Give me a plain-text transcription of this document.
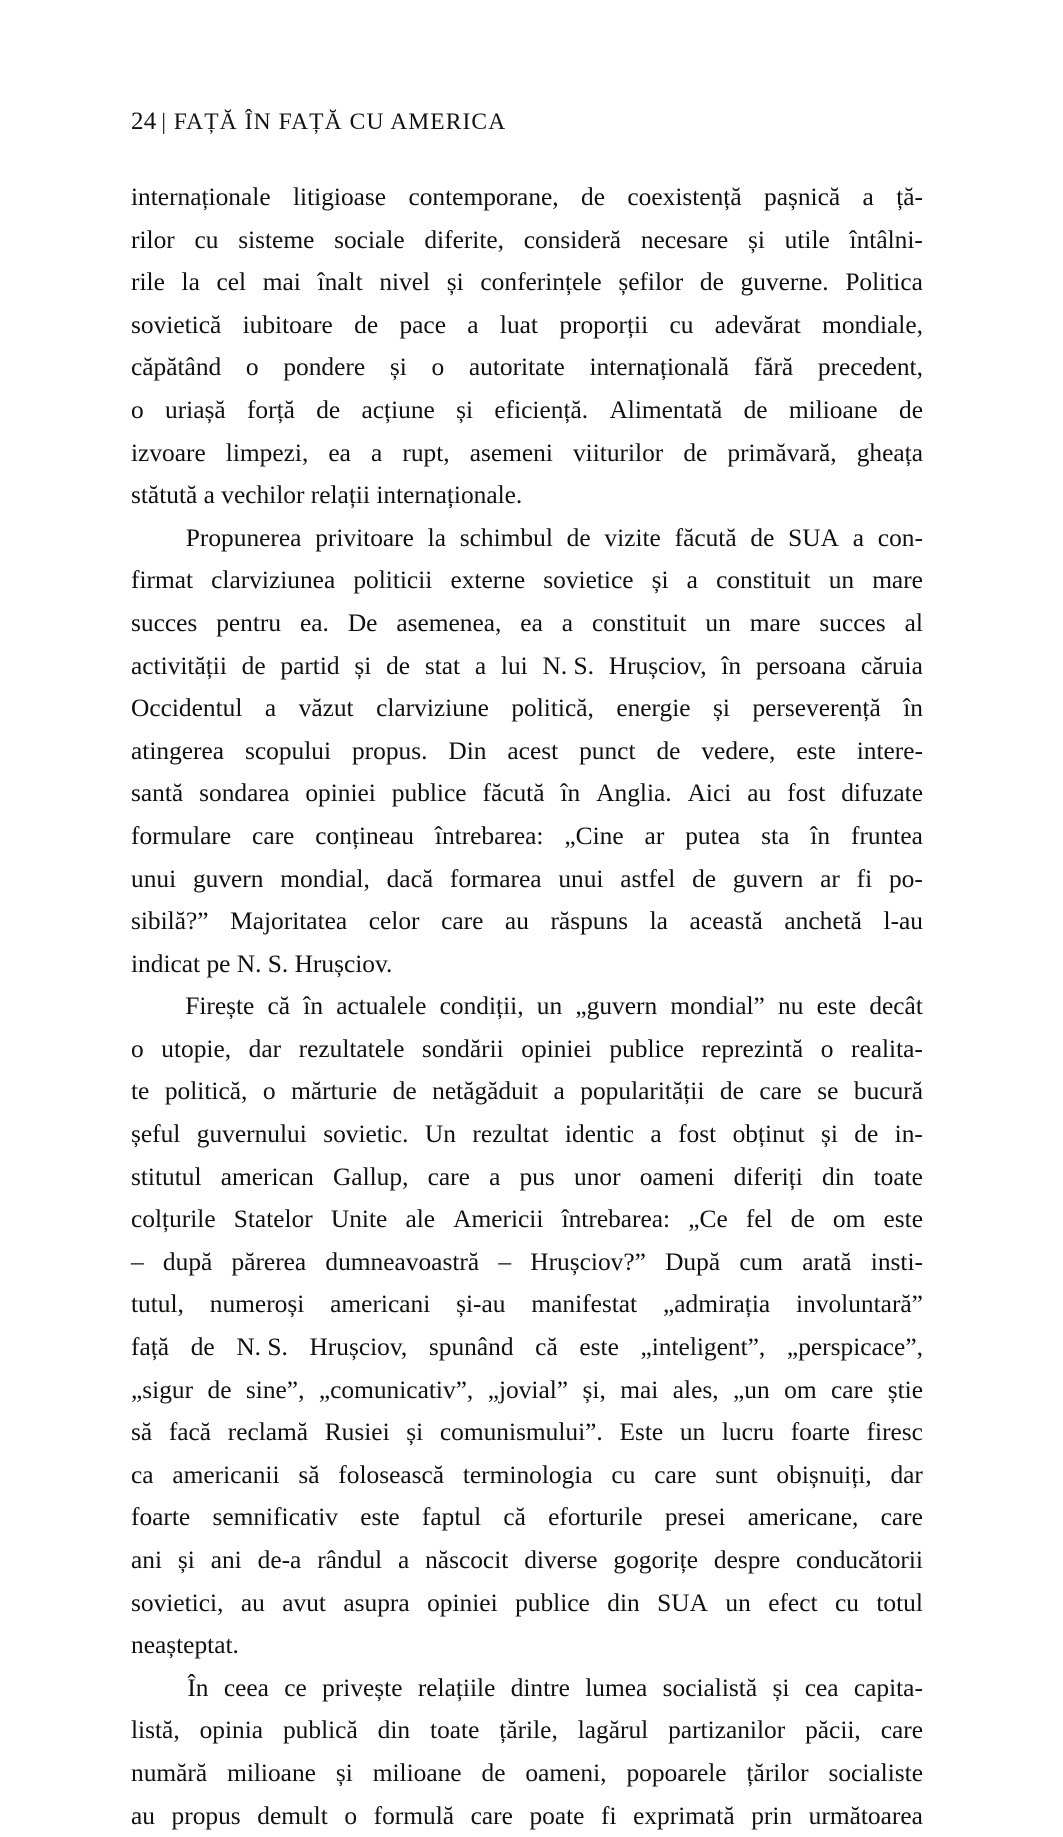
24 | FAȚĂ ÎN FAȚĂ CU AMERICA

internaționale litigioase contemporane, de coexistență pașnică a ță-
rilor cu sisteme sociale diferite, consideră necesare și utile întâlni-
rile la cel mai înalt nivel și conferințele șefilor de guverne. Politica
sovietică iubitoare de pace a luat proporții cu adevărat mondiale,
căpătând o pondere și o autoritate internațională fără precedent,
o uriașă forță de acțiune și eficiență. Alimentată de milioane de
izvoare limpezi, ea a rupt, asemeni viiturilor de primăvară, gheața
stătută a vechilor relații internaționale.

Propunerea privitoare la schimbul de vizite făcută de SUA a con-
firmat clarviziunea politicii externe sovietice și a constituit un mare
succes pentru ea. De asemenea, ea a constituit un mare succes al
activității de partid și de stat a lui N. S. Hrușciov, în persoana căruia
Occidentul a văzut clarviziune politică, energie și perseverență în
atingerea scopului propus. Din acest punct de vedere, este intere-
santă sondarea opiniei publice făcută în Anglia. Aici au fost difuzate
formulare care conțineau întrebarea: „Cine ar putea sta în fruntea
unui guvern mondial, dacă formarea unui astfel de guvern ar fi po-
sibilă?” Majoritatea celor care au răspuns la această anchetă l-au
indicat pe N. S. Hrușciov.

Firește că în actualele condiții, un „guvern mondial” nu este decât
o utopie, dar rezultatele sondării opiniei publice reprezintă o realita-
te politică, o mărturie de netăgăduit a popularității de care se bucură
șeful guvernului sovietic. Un rezultat identic a fost obținut și de in-
stitutul american Gallup, care a pus unor oameni diferiți din toate
colțurile Statelor Unite ale Americii întrebarea: „Ce fel de om este
– după părerea dumneavoastră – Hrușciov?” După cum arată insti-
tutul, numeroși americani și-au manifestat „admirația involuntară”
față de N. S. Hrușciov, spunând că este „inteligent”, „perspicace”,
„sigur de sine”, „comunicativ”, „jovial” și, mai ales, „un om care știe
să facă reclamă Rusiei și comunismului”. Este un lucru foarte firesc
ca americanii să folosească terminologia cu care sunt obișnuiți, dar
foarte semnificativ este faptul că eforturile presei americane, care
ani și ani de-a rândul a născocit diverse gogorițe despre conducătorii
sovietici, au avut asupra opiniei publice din SUA un efect cu totul
neașteptat.

În ceea ce privește relațiile dintre lumea socialistă și cea capita-
listă, opinia publică din toate țările, lagărul partizanilor păcii, care
numără milioane și milioane de oameni, popoarele țărilor socialiste
au propus demult o formulă care poate fi exprimată prin următoarea
